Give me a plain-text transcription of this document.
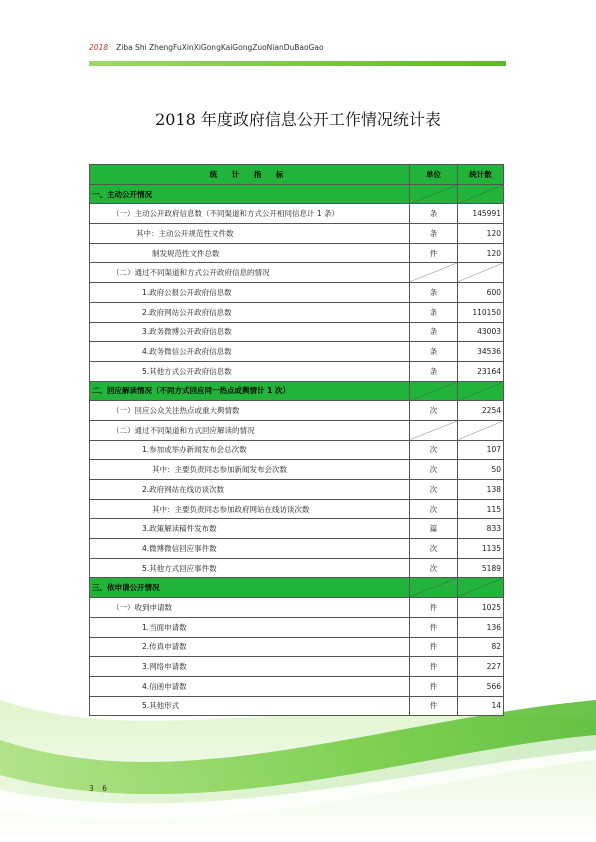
2018 Ziba Shi ZhengFuXinXiGongKaiGongZuoNianDuBaoGao
2018 年度政府信息公开工作情况统计表
统 计 指 标	单位	统计数
一、主动公开情况	

（一）主动公开政府信息数（不同渠道和方式公开相同信息计 1 条）	条	145991
其中：主动公开规范性文件数	条	120
制发规范性文件总数	件	120
（二）通过不同渠道和方式公开政府信息的情况	

1.政府公报公开政府信息数	条	600
2.政府网站公开政府信息数	条	110150
3.政务微博公开政府信息数	条	43003
4.政务微信公开政府信息数	条	34536
5.其他方式公开政府信息数	条	23164
二、回应解读情况（不同方式回应同一热点或舆情计 1 次）	

（一）回应公众关注热点或重大舆情数	次	2254
（二）通过不同渠道和方式回应解读的情况	

1.参加或举办新闻发布会总次数	次	107
其中：主要负责同志参加新闻发布会次数	次	50
2.政府网站在线访谈次数	次	138
其中：主要负责同志参加政府网站在线访谈次数	次	115
3.政策解读稿件发布数	篇	833
4.微博微信回应事件数	次	1135
5.其他方式回应事件数	次	5189
三、依申请公开情况	

（一）收到申请数	件	1025
1.当面申请数	件	136
2.传真申请数	件	82
3.网络申请数	件	227
4.信函申请数	件	566
5.其他形式	件	14
3 6
